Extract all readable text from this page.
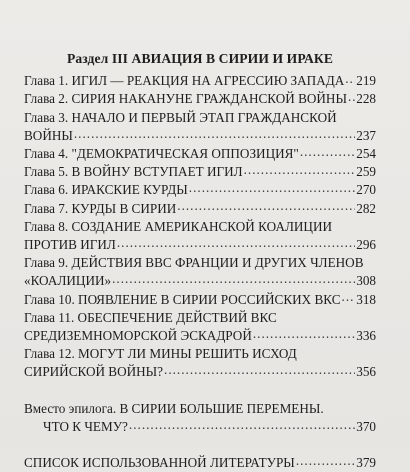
Раздел III АВИАЦИЯ В СИРИИ И ИРАКЕ
Глава 1. ИГИЛ — РЕАКЦИЯ НА АГРЕССИЮ ЗАПАДА ..... 219
Глава 2. СИРИЯ НАКАНУНЕ ГРАЖДАНСКОЙ ВОЙНЫ ..... 228
Глава 3. НАЧАЛО И ПЕРВЫЙ ЭТАП ГРАЖДАНСКОЙ
ВОЙНЫ .....	237
Глава 4. "ДЕМОКРАТИЧЕСКАЯ ОППОЗИЦИЯ" .....	254
Глава 5. В ВОЙНУ ВСТУПАЕТ ИГИЛ .....	259
Глава 6. ИРАКСКИЕ КУРДЫ .....	270
Глава 7. КУРДЫ В СИРИИ .....	282
Глава 8. СОЗДАНИЕ АМЕРИКАНСКОЙ КОАЛИЦИИ
ПРОТИВ ИГИЛ .....	296
Глава 9. ДЕЙСТВИЯ ВВС ФРАНЦИИ И ДРУГИХ ЧЛЕНОВ
«КОАЛИЦИИ» .....	308
Глава 10. ПОЯВЛЕНИЕ В СИРИИ РОССИЙСКИХ ВКС ..... 318
Глава 11. ОБЕСПЕЧЕНИЕ ДЕЙСТВИЙ ВКС
СРЕДИЗЕМНОМОРСКОЙ ЭСКАДРОЙ .....	336
Глава 12. МОГУТ ЛИ МИНЫ РЕШИТЬ ИСХОД
СИРИЙСКОЙ ВОЙНЫ? .....	356
Вместо эпилога. В СИРИИ БОЛЬШИЕ ПЕРЕМЕНЫ.
ЧТО К ЧЕМУ? .....	370
СПИСОК ИСПОЛЬЗОВАННОЙ ЛИТЕРАТУРЫ .....	379
